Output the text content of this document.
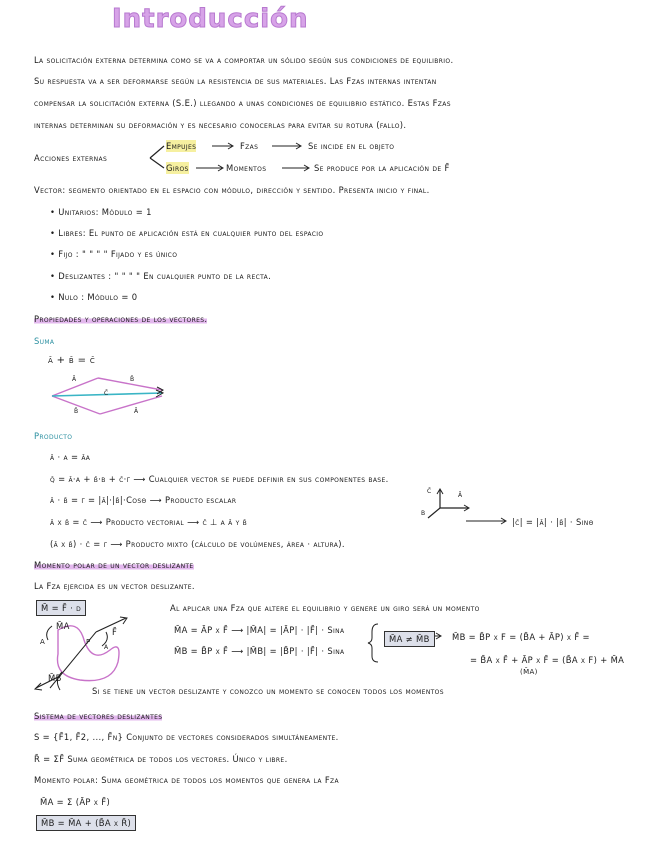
Introducción
La solicitación externa determina como se va a comportar un sólido según sus condiciones de equilibrio.
Su respuesta va a ser deformarse según la resistencia de sus materiales. Las Fzas internas intentan
compensar la solicitación externa (S.E.) llegando a unas condiciones de equilibrio estático. Estas Fzas
internas determinan su deformación y es necesario conocerlas para evitar su rotura (fallo).
Acciones externas
Empujes	Fzas	Se incide en el objeto
Giros	Momentos	Se produce por la aplicación de F̄
Vector: segmento orientado en el espacio con módulo, dirección y sentido. Presenta inicio y final.
• Unitarios: Módulo = 1
• Libres: El punto de aplicación está en cualquier punto del espacio
• Fijo : " " " " Fijado y es único
• Deslizantes : " " " " En cualquier punto de la recta.
• Nulo : Módulo = 0
Propiedades y operaciones de los vectores.
Suma
ā + b̄ = c̄
ā	b̄
c̄
b̄	ā
Producto
ā · α = āα
q̄ = ā·α + b̄·β + c̄·γ ⟶ Cualquier vector se puede definir en sus componentes base.
ā · b̄ = γ = |ā|·|b̄|·Cosθ ⟶ Producto escalar
ā x b̄ = c̄ ⟶ Producto vectorial ⟶ c̄ ⊥ a ā y b̄
(ā x b̄) · c̄ = γ ⟶ Producto mixto (cálculo de volúmenes, área · altura).
c̄	ā
b
|c̄| = |ā| · |b̄| · Sinθ
Momento polar de un vector deslizante
La Fza ejercida es un vector deslizante.
M̄ = F̄ · d	Al aplicar una Fza que altere el equilibrio y genere un giro será un momento
M̄A = ĀP x F̄ ⟶ |M̄A| = |ĀP| · |F̄| · Sinα
M̄B = B̄P x F̄ ⟶ |M̄B| = |B̄P| · |F̄| · Sinα
M̄A
F̄
M̄B
α
P
A	M̄A ≠ M̄B	M̄B = B̄P x F = (B̄A + ĀP) x F̄ =
= B̄A x F̄ + ĀP x F̄ = (B̄A x F) + M̄A
(M̄A)
Si se tiene un vector deslizante y conozco un momento se conocen todos los momentos
Sistema de vectores deslizantes
S = {F̄1, F̄2, ..., F̄n} Conjunto de vectores considerados simultáneamente.
R̄ = ΣF̄ Suma geométrica de todos los vectores. Único y libre.
Momento polar: Suma geométrica de todos los momentos que genera la Fza
M̄A = Σ (ĀP x F̄)
M̄B = M̄A + (B̄A x R̄)
